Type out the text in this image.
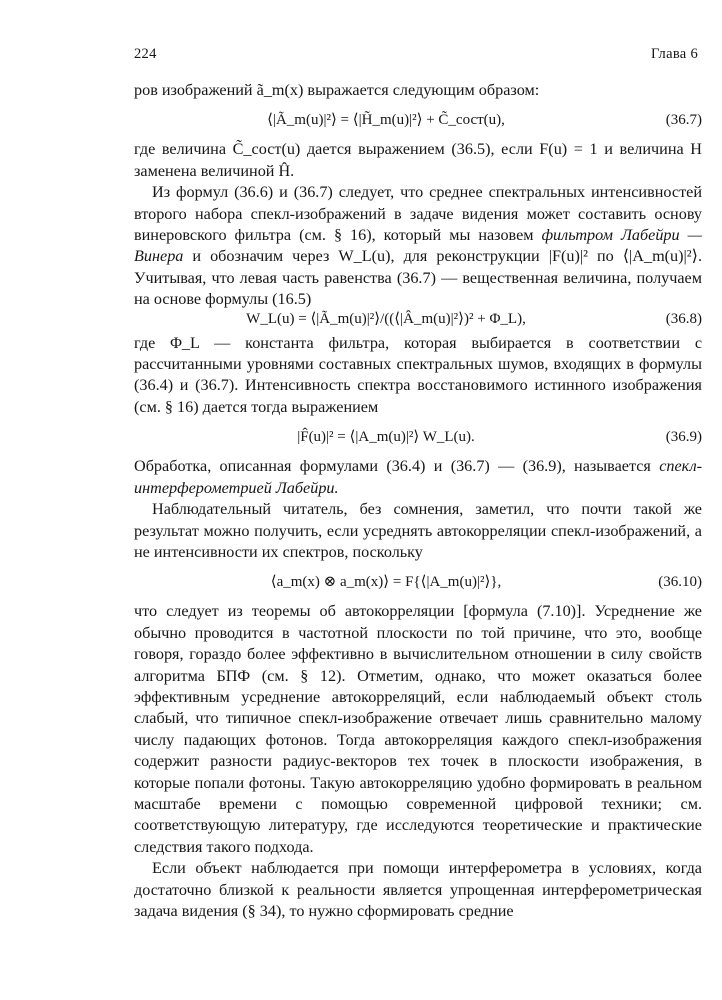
224	Глава 6

ров изображений ã_m(x) выражается следующим образом:

⟨|Ã_m(u)|²⟩ = ⟨|H̃_m(u)|²⟩ + C̃_сост(u),	(36.7)

где величина C̃_сост(u) дается выражением (36.5), если F(u) = 1 и величина H заменена величиной Ĥ.

Из формул (36.6) и (36.7) следует, что среднее спектральных интенсивностей второго набора спекл-изображений в задаче видения может составить основу винеровского фильтра (см. § 16), который мы назовем фильтром Лабейри — Винера и обозначим через W_L(u), для реконструкции |F(u)|² по ⟨|A_m(u)|²⟩. Учитывая, что левая часть равенства (36.7) — вещественная величина, получаем на основе формулы (16.5)

W_L(u) = ⟨|Ã_m(u)|²⟩/((⟨|Â_m(u)|²⟩)² + Φ_L),	(36.8)

где Φ_L — константа фильтра, которая выбирается в соответствии с рассчитанными уровнями составных спектральных шумов, входящих в формулы (36.4) и (36.7). Интенсивность спектра восстановимого истинного изображения (см. § 16) дается тогда выражением

|F̂(u)|² = ⟨|A_m(u)|²⟩ W_L(u).	(36.9)

Обработка, описанная формулами (36.4) и (36.7) — (36.9), называется спекл-интерферометрией Лабейри.

Наблюдательный читатель, без сомнения, заметил, что почти такой же результат можно получить, если усреднять автокорреляции спекл-изображений, а не интенсивности их спектров, поскольку

⟨a_m(x) ⊗ a_m(x)⟩ = F{⟨|A_m(u)|²⟩},	(36.10)

что следует из теоремы об автокорреляции [формула (7.10)]. Усреднение же обычно проводится в частотной плоскости по той причине, что это, вообще говоря, гораздо более эффективно в вычислительном отношении в силу свойств алгоритма БПФ (см. § 12). Отметим, однако, что может оказаться более эффективным усреднение автокорреляций, если наблюдаемый объект столь слабый, что типичное спекл-изображение отвечает лишь сравнительно малому числу падающих фотонов. Тогда автокорреляция каждого спекл-изображения содержит разности радиус-векторов тех точек в плоскости изображения, в которые попали фотоны. Такую автокорреляцию удобно формировать в реальном масштабе времени с помощью современной цифровой техники; см. соответствующую литературу, где исследуются теоретические и практические следствия такого подхода.

Если объект наблюдается при помощи интерферометра в условиях, когда достаточно близкой к реальности является упрощенная интерферометрическая задача видения (§ 34), то нужно сформировать средние
